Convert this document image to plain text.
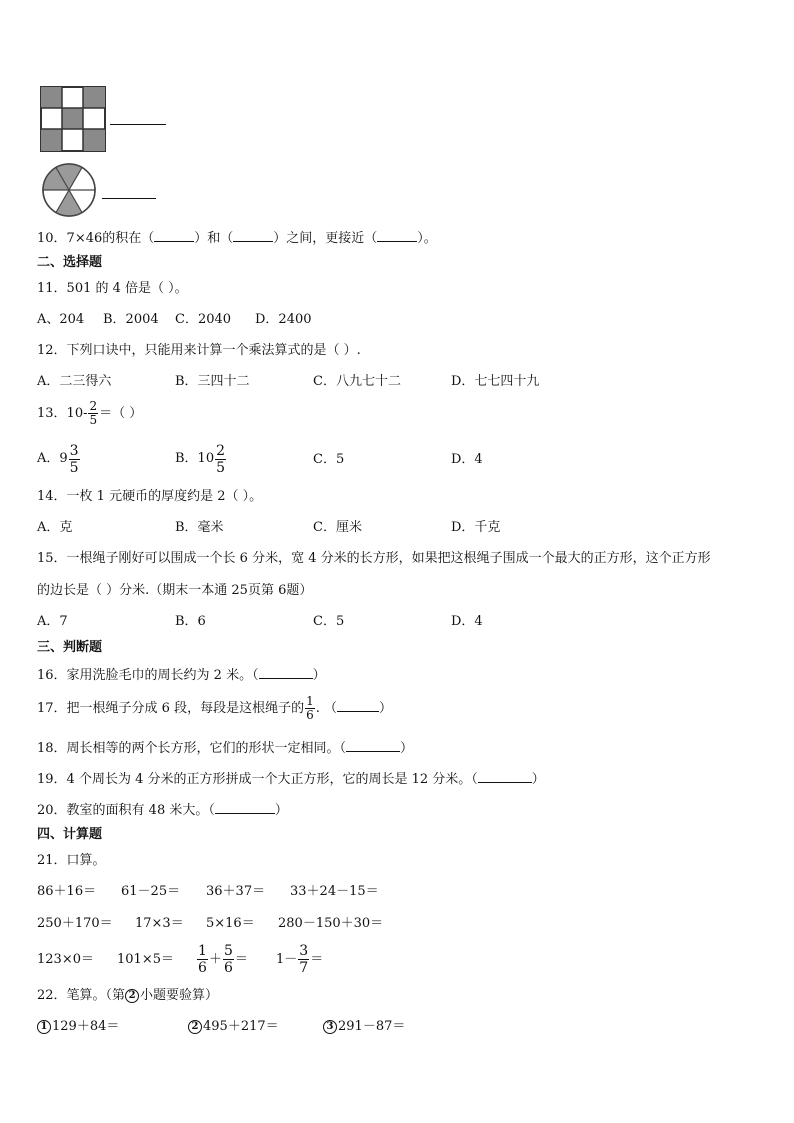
10．7×46的积在（	）和（	）之间，更接近（	）。
二、选择题
11．501 的 4 倍是（ ）。
A、204 B．2004 C．2040 D．2400
12．下列口诀中，只能用来计算一个乘法算式的是（ ）.
A．二三得六	B．三四十二	C．八九七十二	D．七七四十九
13．$10- \frac{2}{5}$ ＝（ ）
A．$9 \frac{3}{5}$	B．$10 \frac{2}{5}$	C．5	D．4
14．一枚 1 元硬币的厚度约是 2（ ）。
A．克	B．毫米	C．厘米	D．千克
15．一根绳子刚好可以围成一个长 6 分米，宽 4 分米的长方形，如果把这根绳子围成一个最大的正方形，这个正方形
的边长是（ ）分米.（期末一本通 25页第 6题）
A．7	B．6	C．5	D．4
三、判断题
16．家用洗脸毛巾的周长约为 2 米。（	）
17．把一根绳子分成 6 段，每段是这根绳子的 $\frac{1}{6}$ . （	）
18．周长相等的两个长方形，它们的形状一定相同。（	）
19．4 个周长为 4 分米的正方形拼成一个大正方形，它的周长是 12 分米。（	）
20．教室的面积有 48 米大。（	）
四、计算题
21．口算。
86＋16＝ 61－25＝ 36＋37＝ 33＋24－15＝
250＋170＝ 17×3＝ 5×16＝ 280－150＋30＝
$123\times 0= 101\times 5= \frac{1}{6} + \frac{5}{6} = 1- \frac{3}{7}$ ＝
22．笔算。（第 2 小题要验算）
1 129＋84＝	2 495＋217＝	3 291－87＝
